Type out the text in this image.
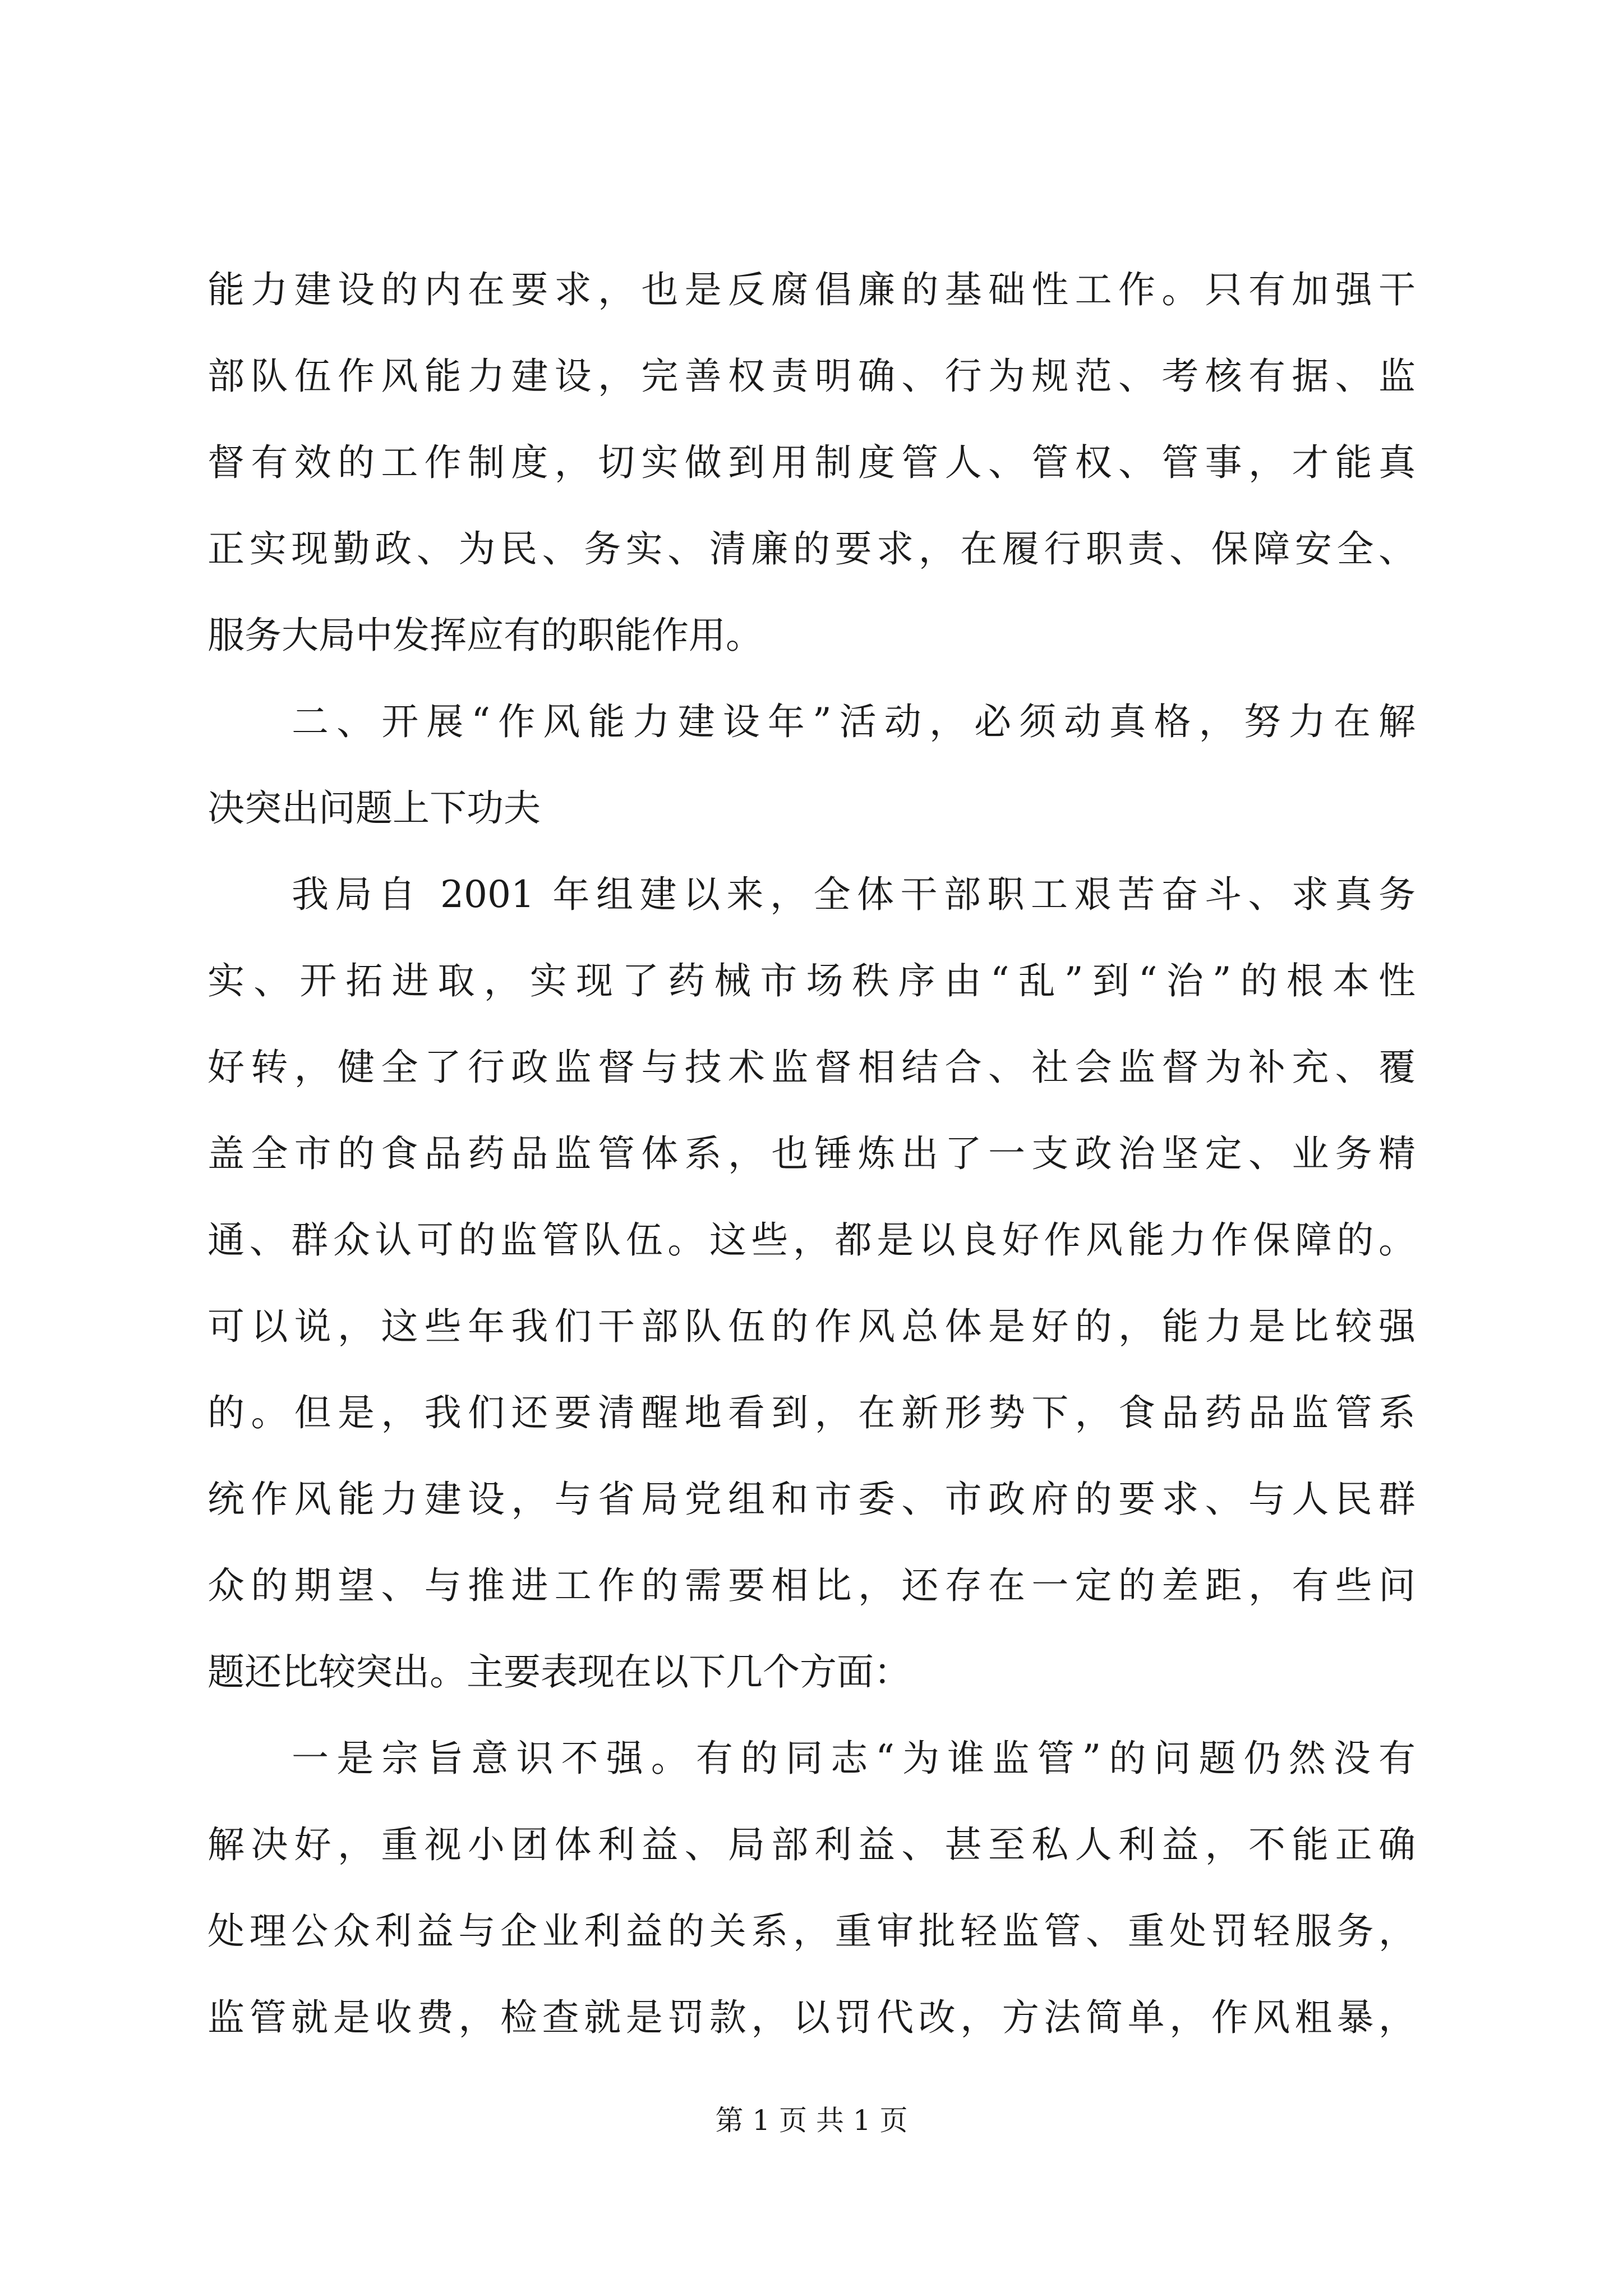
能力建设的内在要求，也是反腐倡廉的基础性工作。只有加强干
部队伍作风能力建设，完善权责明确、行为规范、考核有据、监
督有效的工作制度，切实做到用制度管人、管权、管事，才能真
正实现勤政、为民、务实、清廉的要求，在履行职责、保障安全、
服务大局中发挥应有的职能作用。
二、开展“作风能力建设年”活动，必须动真格，努力在解
决突出问题上下功夫
我局自 2001 年组建以来，全体干部职工艰苦奋斗、求真务
实、开拓进取，实现了药械市场秩序由“乱”到“治”的根本性
好转，健全了行政监督与技术监督相结合、社会监督为补充、覆
盖全市的食品药品监管体系，也锤炼出了一支政治坚定、业务精
通、群众认可的监管队伍。这些，都是以良好作风能力作保障的。
可以说，这些年我们干部队伍的作风总体是好的，能力是比较强
的。但是，我们还要清醒地看到，在新形势下，食品药品监管系
统作风能力建设，与省局党组和市委、市政府的要求、与人民群
众的期望、与推进工作的需要相比，还存在一定的差距，有些问
题还比较突出。主要表现在以下几个方面：
一是宗旨意识不强。有的同志“为谁监管”的问题仍然没有
解决好，重视小团体利益、局部利益、甚至私人利益，不能正确
处理公众利益与企业利益的关系，重审批轻监管、重处罚轻服务，
监管就是收费，检查就是罚款，以罚代改，方法简单，作风粗暴，
第 1 页 共 1 页
